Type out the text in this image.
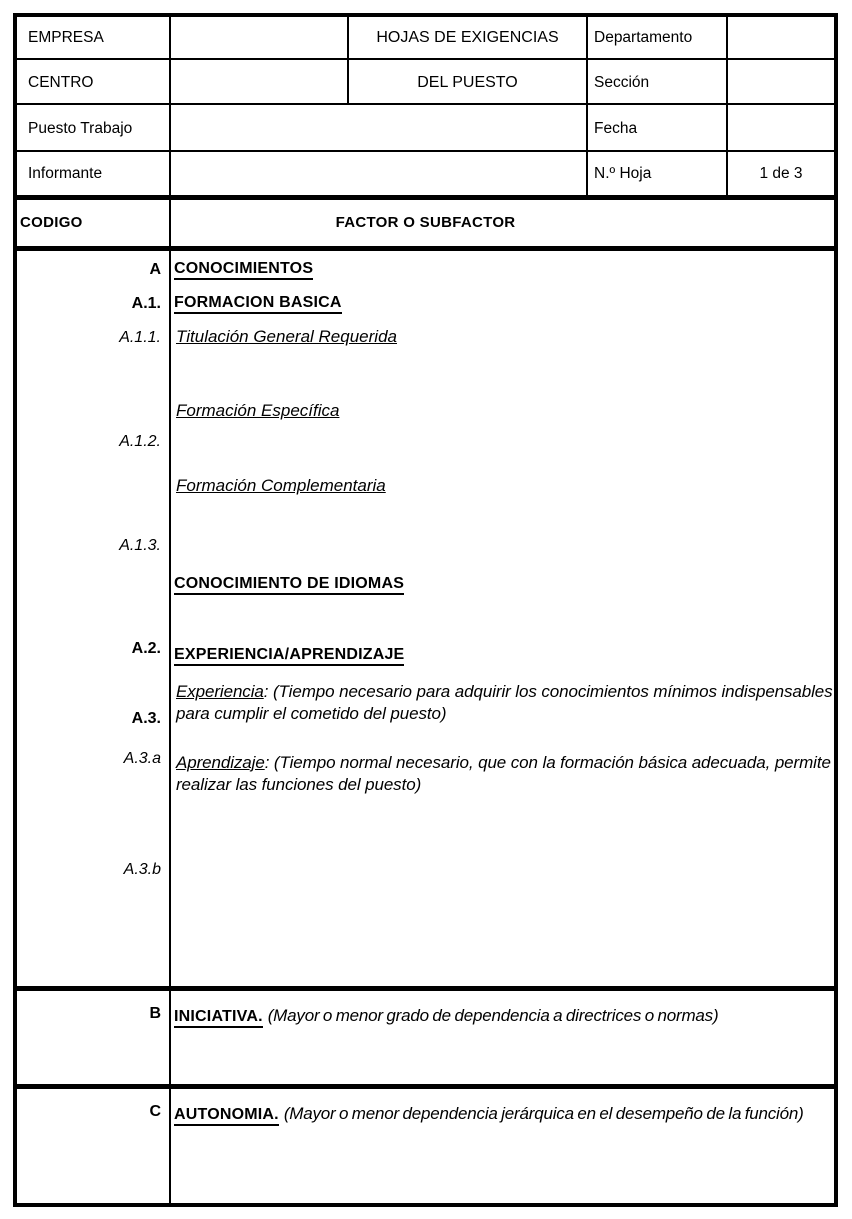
EMPRESA
CENTRO
Puesto Trabajo
Informante
HOJAS DE EXIGENCIAS
DEL PUESTO
Departamento
Sección
Fecha
N.º Hoja	1 de 3
CODIGO	FACTOR O SUBFACTOR
A
A.1.
A.1.1.
A.1.2.
A.1.3.
A.2.
A.3.
A.3.a
A.3.b
CONOCIMIENTOS
FORMACION BASICA
Titulación General Requerida
Formación Específica
Formación Complementaria
CONOCIMIENTO DE IDIOMAS
EXPERIENCIA/APRENDIZAJE
Experiencia: (Tiempo necesario para adquirir los conocimientos mínimos indispensables para cumplir el cometido del puesto)
Aprendizaje: (Tiempo normal necesario, que con la formación básica adecuada, permite realizar las funciones del puesto)
B INICIATIVA. (Mayor o menor grado de dependencia a directrices o normas)
C AUTONOMIA. (Mayor o menor dependencia jerárquica en el desempeño de la función)
